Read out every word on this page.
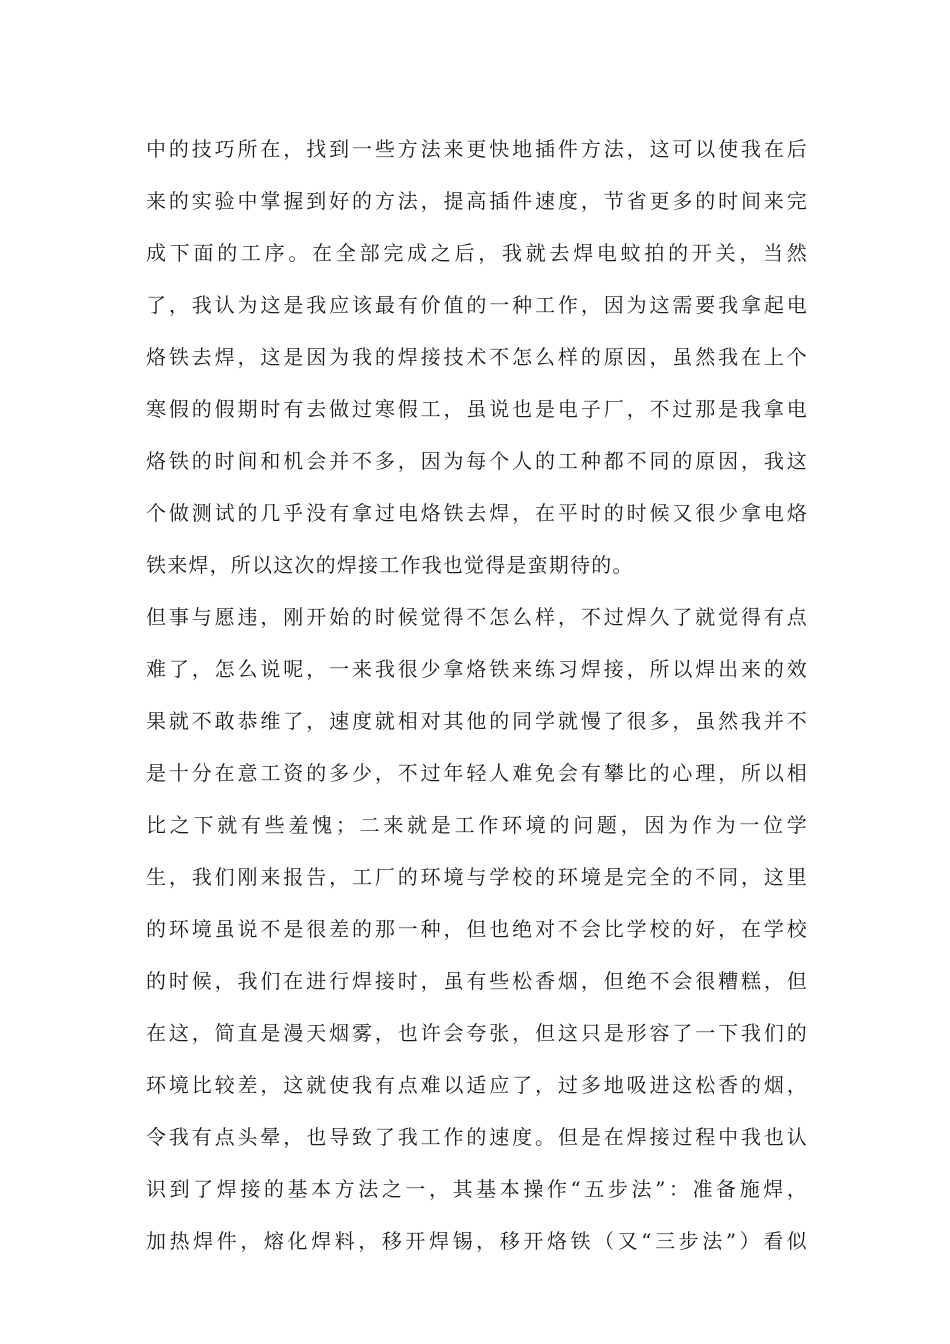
中的技巧所在，找到一些方法来更快地插件方法，这可以使我在后
来的实验中掌握到好的方法，提高插件速度，节省更多的时间来完
成下面的工序。在全部完成之后，我就去焊电蚊拍的开关，当然
了，我认为这是我应该最有价值的一种工作，因为这需要我拿起电
烙铁去焊，这是因为我的焊接技术不怎么样的原因，虽然我在上个
寒假的假期时有去做过寒假工，虽说也是电子厂，不过那是我拿电
烙铁的时间和机会并不多，因为每个人的工种都不同的原因，我这
个做测试的几乎没有拿过电烙铁去焊，在平时的时候又很少拿电烙
铁来焊，所以这次的焊接工作我也觉得是蛮期待的。
但事与愿违，刚开始的时候觉得不怎么样，不过焊久了就觉得有点
难了，怎么说呢，一来我很少拿烙铁来练习焊接，所以焊出来的效
果就不敢恭维了，速度就相对其他的同学就慢了很多，虽然我并不
是十分在意工资的多少，不过年轻人难免会有攀比的心理，所以相
比之下就有些羞愧；二来就是工作环境的问题，因为作为一位学
生，我们刚来报告，工厂的环境与学校的环境是完全的不同，这里
的环境虽说不是很差的那一种，但也绝对不会比学校的好，在学校
的时候，我们在进行焊接时，虽有些松香烟，但绝不会很糟糕，但
在这，简直是漫天烟雾，也许会夸张，但这只是形容了一下我们的
环境比较差，这就使我有点难以适应了，过多地吸进这松香的烟，
令我有点头晕，也导致了我工作的速度。但是在焊接过程中我也认
识到了焊接的基本方法之一，其基本操作“五步法”：准备施焊，
加热焊件，熔化焊料，移开焊锡，移开烙铁（又“三步法”）看似
